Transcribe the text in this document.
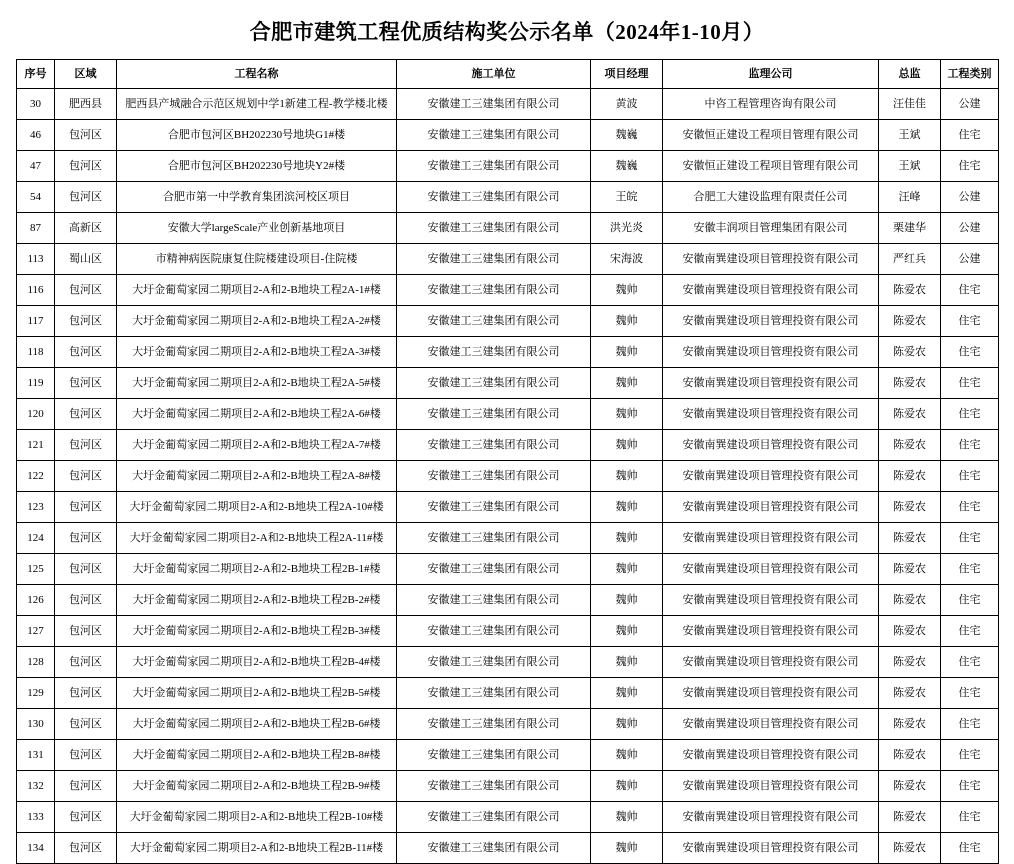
合肥市建筑工程优质结构奖公示名单（2024年1-10月）
序号	区域	工程名称	施工单位	项目经理	监理公司	总监	工程类别
30	肥西县	肥西县产城融合示范区规划中学1新建工程-教学楼北楼	安徽建工三建集团有限公司	黄波	中咨工程管理咨询有限公司	汪佳佳	公建
46	包河区	合肥市包河区BH202230号地块G1#楼	安徽建工三建集团有限公司	魏巍	安徽恒正建设工程项目管理有限公司	王斌	住宅
47	包河区	合肥市包河区BH202230号地块Y2#楼	安徽建工三建集团有限公司	魏巍	安徽恒正建设工程项目管理有限公司	王斌	住宅
54	包河区	合肥市第一中学教育集团滨河校区项目	安徽建工三建集团有限公司	王皖	合肥工大建设监理有限责任公司	汪峰	公建
87	高新区	安徽大学largeScale产业创新基地项目	安徽建工三建集团有限公司	洪光炎	安徽丰润项目管理集团有限公司	栗建华	公建
113	蜀山区	市精神病医院康复住院楼建设项目-住院楼	安徽建工三建集团有限公司	宋海波	安徽南巽建设项目管理投资有限公司	严红兵	公建
116	包河区	大圩金葡萄家园二期项目2-A和2-B地块工程2A-1#楼	安徽建工三建集团有限公司	魏帅	安徽南巽建设项目管理投资有限公司	陈爱农	住宅
117	包河区	大圩金葡萄家园二期项目2-A和2-B地块工程2A-2#楼	安徽建工三建集团有限公司	魏帅	安徽南巽建设项目管理投资有限公司	陈爱农	住宅
118	包河区	大圩金葡萄家园二期项目2-A和2-B地块工程2A-3#楼	安徽建工三建集团有限公司	魏帅	安徽南巽建设项目管理投资有限公司	陈爱农	住宅
119	包河区	大圩金葡萄家园二期项目2-A和2-B地块工程2A-5#楼	安徽建工三建集团有限公司	魏帅	安徽南巽建设项目管理投资有限公司	陈爱农	住宅
120	包河区	大圩金葡萄家园二期项目2-A和2-B地块工程2A-6#楼	安徽建工三建集团有限公司	魏帅	安徽南巽建设项目管理投资有限公司	陈爱农	住宅
121	包河区	大圩金葡萄家园二期项目2-A和2-B地块工程2A-7#楼	安徽建工三建集团有限公司	魏帅	安徽南巽建设项目管理投资有限公司	陈爱农	住宅
122	包河区	大圩金葡萄家园二期项目2-A和2-B地块工程2A-8#楼	安徽建工三建集团有限公司	魏帅	安徽南巽建设项目管理投资有限公司	陈爱农	住宅
123	包河区	大圩金葡萄家园二期项目2-A和2-B地块工程2A-10#楼	安徽建工三建集团有限公司	魏帅	安徽南巽建设项目管理投资有限公司	陈爱农	住宅
124	包河区	大圩金葡萄家园二期项目2-A和2-B地块工程2A-11#楼	安徽建工三建集团有限公司	魏帅	安徽南巽建设项目管理投资有限公司	陈爱农	住宅
125	包河区	大圩金葡萄家园二期项目2-A和2-B地块工程2B-1#楼	安徽建工三建集团有限公司	魏帅	安徽南巽建设项目管理投资有限公司	陈爱农	住宅
126	包河区	大圩金葡萄家园二期项目2-A和2-B地块工程2B-2#楼	安徽建工三建集团有限公司	魏帅	安徽南巽建设项目管理投资有限公司	陈爱农	住宅
127	包河区	大圩金葡萄家园二期项目2-A和2-B地块工程2B-3#楼	安徽建工三建集团有限公司	魏帅	安徽南巽建设项目管理投资有限公司	陈爱农	住宅
128	包河区	大圩金葡萄家园二期项目2-A和2-B地块工程2B-4#楼	安徽建工三建集团有限公司	魏帅	安徽南巽建设项目管理投资有限公司	陈爱农	住宅
129	包河区	大圩金葡萄家园二期项目2-A和2-B地块工程2B-5#楼	安徽建工三建集团有限公司	魏帅	安徽南巽建设项目管理投资有限公司	陈爱农	住宅
130	包河区	大圩金葡萄家园二期项目2-A和2-B地块工程2B-6#楼	安徽建工三建集团有限公司	魏帅	安徽南巽建设项目管理投资有限公司	陈爱农	住宅
131	包河区	大圩金葡萄家园二期项目2-A和2-B地块工程2B-8#楼	安徽建工三建集团有限公司	魏帅	安徽南巽建设项目管理投资有限公司	陈爱农	住宅
132	包河区	大圩金葡萄家园二期项目2-A和2-B地块工程2B-9#楼	安徽建工三建集团有限公司	魏帅	安徽南巽建设项目管理投资有限公司	陈爱农	住宅
133	包河区	大圩金葡萄家园二期项目2-A和2-B地块工程2B-10#楼	安徽建工三建集团有限公司	魏帅	安徽南巽建设项目管理投资有限公司	陈爱农	住宅
134	包河区	大圩金葡萄家园二期项目2-A和2-B地块工程2B-11#楼	安徽建工三建集团有限公司	魏帅	安徽南巽建设项目管理投资有限公司	陈爱农	住宅
